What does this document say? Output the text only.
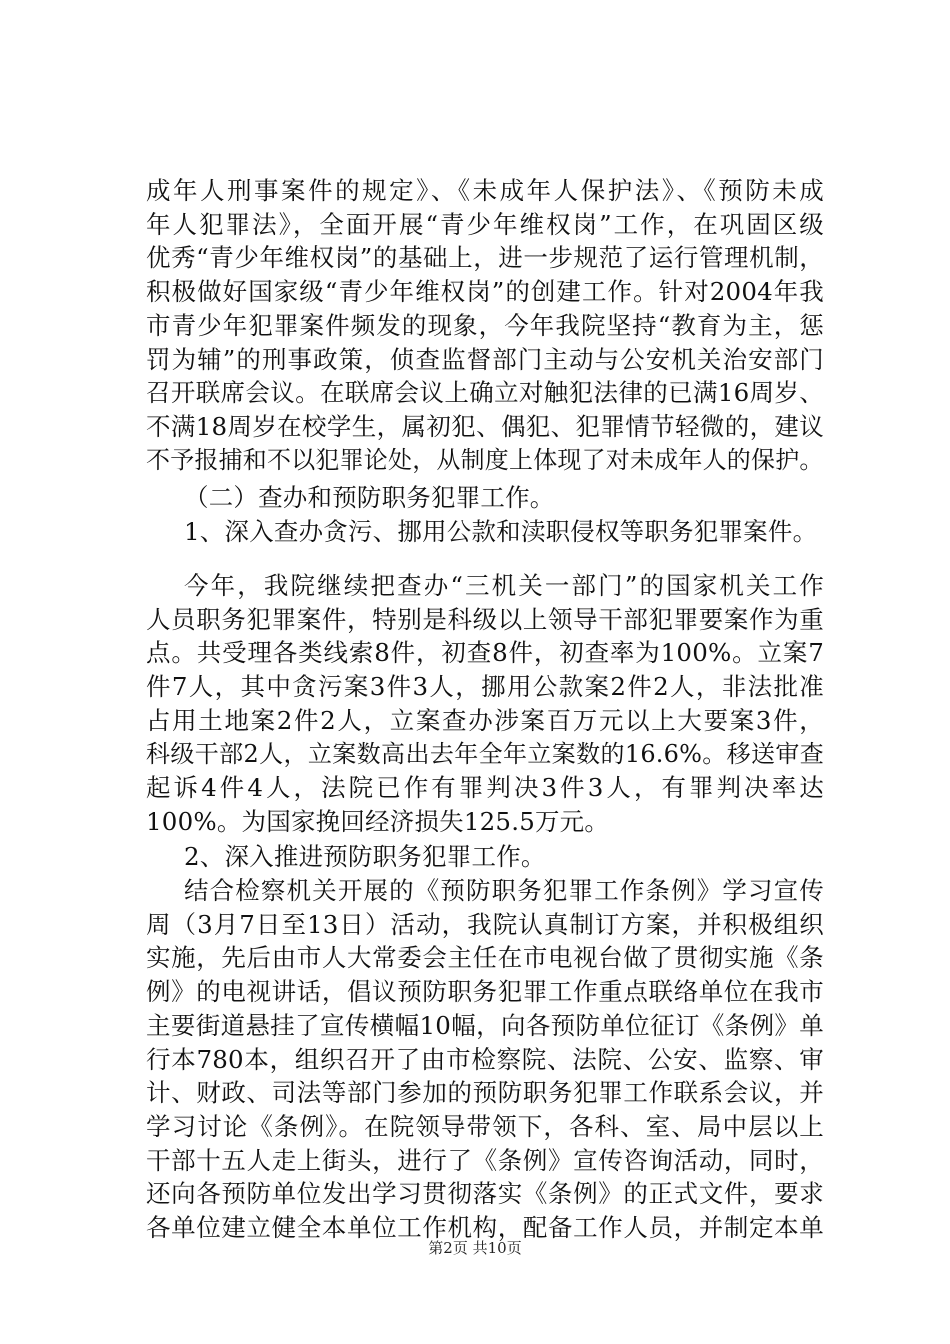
成年人刑事案件的规定》、《未成年人保护法》、《预防未成
年人犯罪法》，全面开展“青少年维权岗”工作，在巩固区级
优秀“青少年维权岗”的基础上，进一步规范了运行管理机制，
积极做好国家级“青少年维权岗”的创建工作。针对2004年我
市青少年犯罪案件频发的现象，今年我院坚持“教育为主，惩
罚为辅”的刑事政策，侦查监督部门主动与公安机关治安部门
召开联席会议。在联席会议上确立对触犯法律的已满16周岁、
不满18周岁在校学生，属初犯、偶犯、犯罪情节轻微的，建议
不予报捕和不以犯罪论处，从制度上体现了对未成年人的保护。
（二）查办和预防职务犯罪工作。
1、深入查办贪污、挪用公款和渎职侵权等职务犯罪案件。
今年，我院继续把查办“三机关一部门”的国家机关工作
人员职务犯罪案件，特别是科级以上领导干部犯罪要案作为重
点。共受理各类线索8件，初查8件，初查率为100%。立案7
件7人，其中贪污案3件3人，挪用公款案2件2人，非法批准
占用土地案2件2人，立案查办涉案百万元以上大要案3件，
科级干部2人，立案数高出去年全年立案数的16.6%。移送审查
起诉4件4人，法院已作有罪判决3件3人，有罪判决率达
100%。为国家挽回经济损失125.5万元。
2、深入推进预防职务犯罪工作。
结合检察机关开展的《预防职务犯罪工作条例》学习宣传
周（3月7日至13日）活动，我院认真制订方案，并积极组织
实施，先后由市人大常委会主任在市电视台做了贯彻实施《条
例》的电视讲话，倡议预防职务犯罪工作重点联络单位在我市
主要街道悬挂了宣传横幅10幅，向各预防单位征订《条例》单
行本780本，组织召开了由市检察院、法院、公安、监察、审
计、财政、司法等部门参加的预防职务犯罪工作联系会议，并
学习讨论《条例》。在院领导带领下，各科、室、局中层以上
干部十五人走上街头，进行了《条例》宣传咨询活动，同时，
还向各预防单位发出学习贯彻落实《条例》的正式文件，要求
各单位建立健全本单位工作机构，配备工作人员，并制定本单
第2页 共10页
